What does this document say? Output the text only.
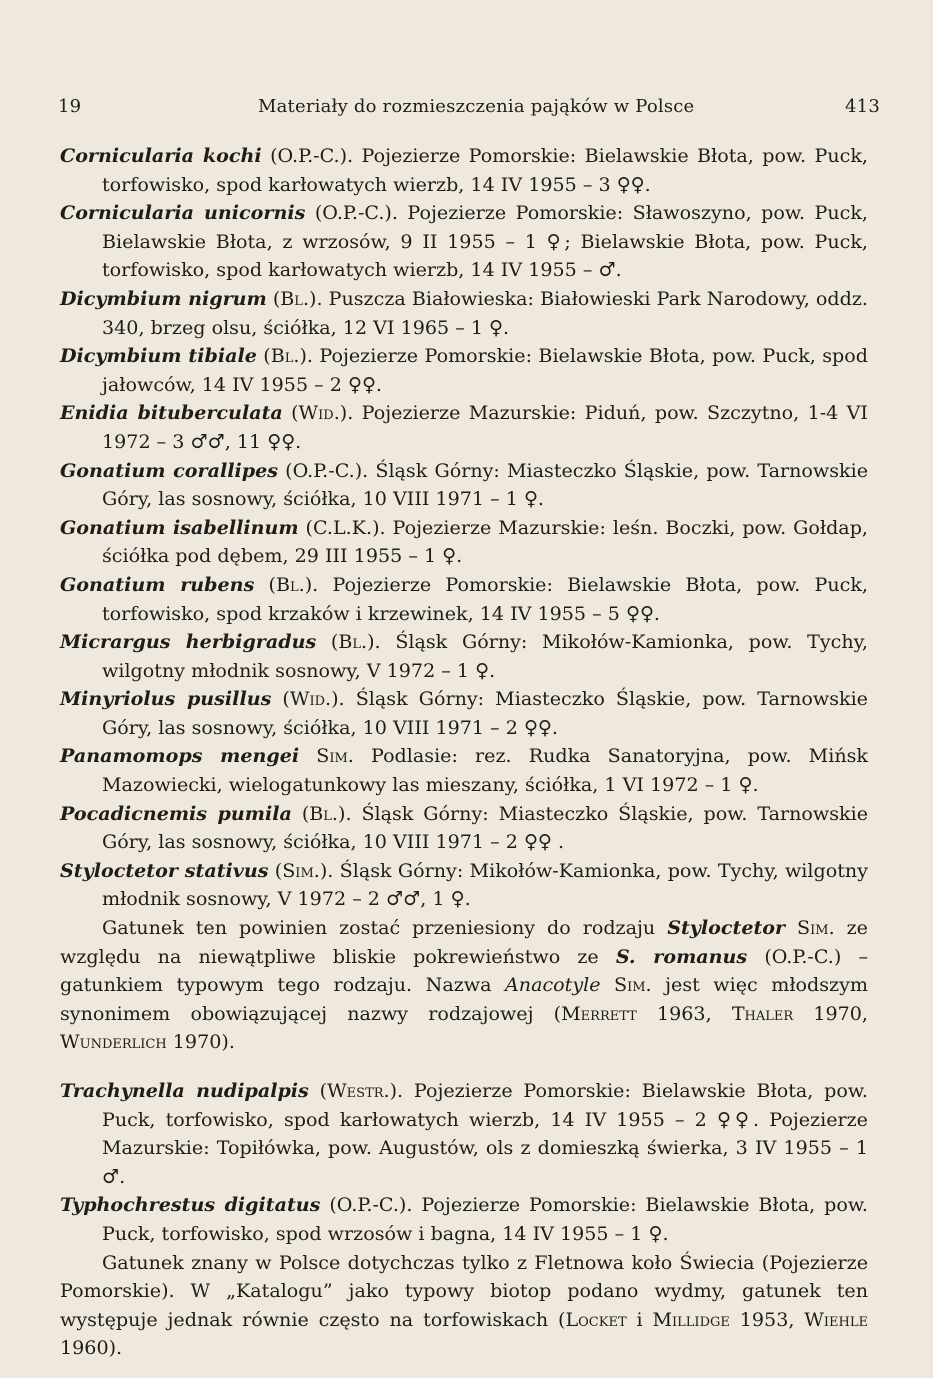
19	Materiały do rozmieszczenia pająków w Polsce	413

Cornicularia kochi (O.P.-C.). Pojezierze Pomorskie: Bielawskie Błota, pow. Puck, torfowisko, spod karłowatych wierzb, 14 IV 1955 – 3 ♀♀.

Cornicularia unicornis (O.P.-C.). Pojezierze Pomorskie: Sławoszyno, pow. Puck, Bielawskie Błota, z wrzosów, 9 II 1955 – 1 ♀; Bielawskie Błota, pow. Puck, torfowisko, spod karłowatych wierzb, 14 IV 1955 – ♂.

Dicymbium nigrum (Bl.). Puszcza Białowieska: Białowieski Park Narodowy, oddz. 340, brzeg olsu, ściółka, 12 VI 1965 – 1 ♀.

Dicymbium tibiale (Bl.). Pojezierze Pomorskie: Bielawskie Błota, pow. Puck, spod jałowców, 14 IV 1955 – 2 ♀♀.

Enidia bituberculata (Wid.). Pojezierze Mazurskie: Piduń, pow. Szczytno, 1-4 VI 1972 – 3 ♂♂, 11 ♀♀.

Gonatium corallipes (O.P.-C.). Śląsk Górny: Miasteczko Śląskie, pow. Tarnowskie Góry, las sosnowy, ściółka, 10 VIII 1971 – 1 ♀.

Gonatium isabellinum (C.L.K.). Pojezierze Mazurskie: leśn. Boczki, pow. Gołdap, ściółka pod dębem, 29 III 1955 – 1 ♀.

Gonatium rubens (Bl.). Pojezierze Pomorskie: Bielawskie Błota, pow. Puck, torfowisko, spod krzaków i krzewinek, 14 IV 1955 – 5 ♀♀.

Micrargus herbigradus (Bl.). Śląsk Górny: Mikołów-Kamionka, pow. Tychy, wilgotny młodnik sosnowy, V 1972 – 1 ♀.

Minyriolus pusillus (Wid.). Śląsk Górny: Miasteczko Śląskie, pow. Tarnowskie Góry, las sosnowy, ściółka, 10 VIII 1971 – 2 ♀♀.

Panamomops mengei Sim. Podlasie: rez. Rudka Sanatoryjna, pow. Mińsk Mazowiecki, wielogatunkowy las mieszany, ściółka, 1 VI 1972 – 1 ♀.

Pocadicnemis pumila (Bl.). Śląsk Górny: Miasteczko Śląskie, pow. Tarnowskie Góry, las sosnowy, ściółka, 10 VIII 1971 – 2 ♀♀ .

Styloctetor stativus (Sim.). Śląsk Górny: Mikołów-Kamionka, pow. Tychy, wilgotny młodnik sosnowy, V 1972 – 2 ♂♂, 1 ♀.

Gatunek ten powinien zostać przeniesiony do rodzaju Styloctetor Sim. ze względu na niewątpliwe bliskie pokrewieństwo ze S. romanus (O.P.-C.) – gatunkiem typowym tego rodzaju. Nazwa Anacotyle Sim. jest więc młodszym synonimem obowiązującej nazwy rodzajowej (Merrett 1963, Thaler 1970, Wunderlich 1970).

Trachynella nudipalpis (Westr.). Pojezierze Pomorskie: Bielawskie Błota, pow. Puck, torfowisko, spod karłowatych wierzb, 14 IV 1955 – 2 ♀♀. Pojezierze Mazurskie: Topiłówka, pow. Augustów, ols z domieszką świerka, 3 IV 1955 – 1 ♂.

Typhochrestus digitatus (O.P.-C.). Pojezierze Pomorskie: Bielawskie Błota, pow. Puck, torfowisko, spod wrzosów i bagna, 14 IV 1955 – 1 ♀.

Gatunek znany w Polsce dotychczas tylko z Fletnowa koło Świecia (Pojezierze Pomorskie). W „Katalogu” jako typowy biotop podano wydmy, gatunek ten występuje jednak równie często na torfowiskach (Locket i Millidge 1953, Wiehle 1960).
